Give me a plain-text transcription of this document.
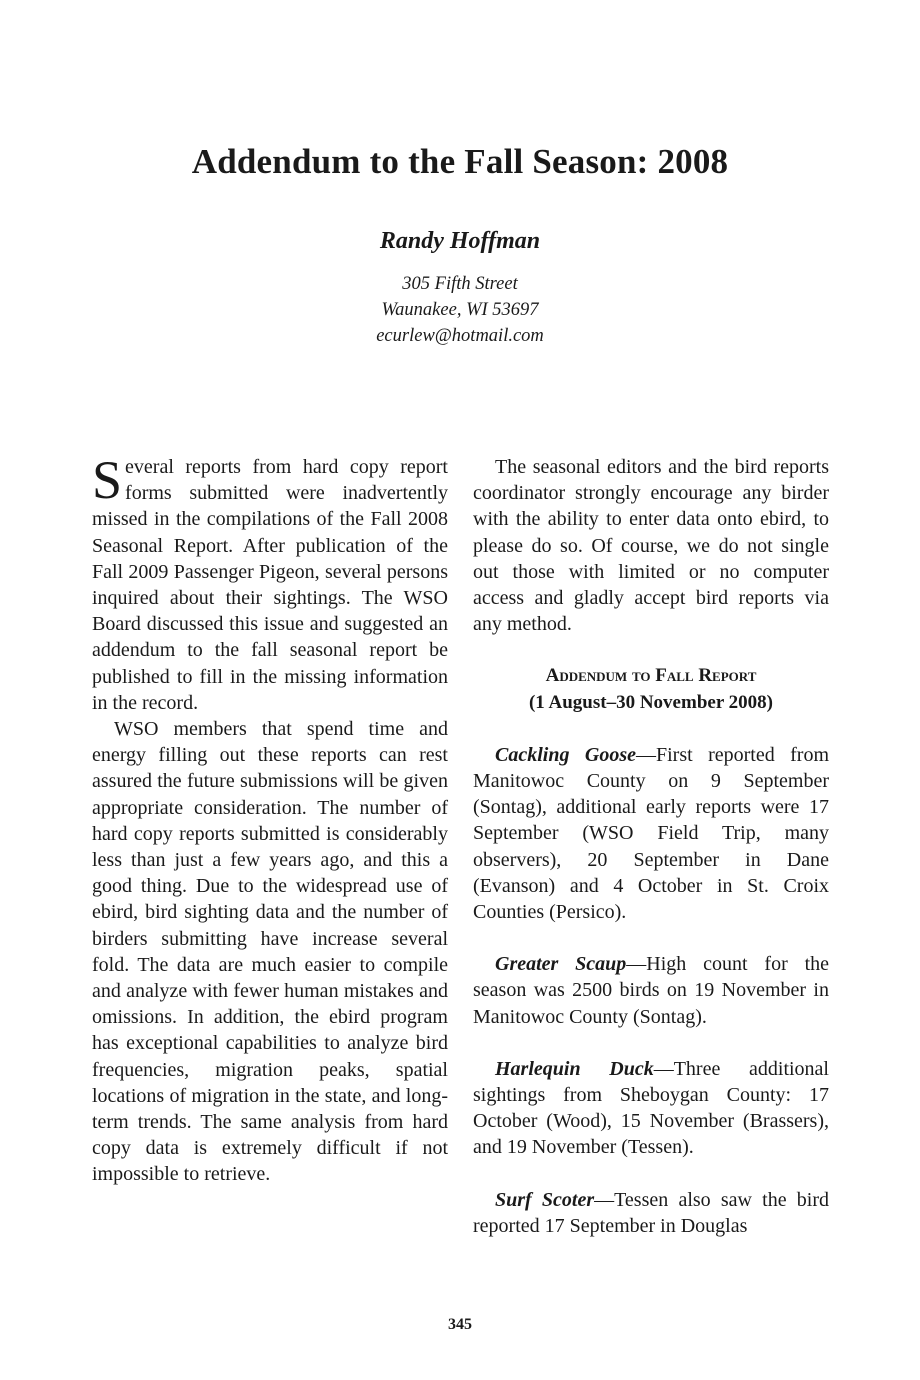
Addendum to the Fall Season: 2008
Randy Hoffman
305 Fifth Street
Waunakee, WI 53697
ecurlew@hotmail.com

Several reports from hard copy report forms submitted were inadvertently missed in the compilations of the Fall 2008 Seasonal Report. After publication of the Fall 2009 Passenger Pigeon, several persons inquired about their sightings. The WSO Board discussed this issue and suggested an addendum to the fall seasonal report be published to fill in the missing information in the record.

WSO members that spend time and energy filling out these reports can rest assured the future submissions will be given appropriate consideration. The number of hard copy reports submitted is considerably less than just a few years ago, and this a good thing. Due to the widespread use of ebird, bird sighting data and the number of birders submitting have increase several fold. The data are much easier to compile and analyze with fewer human mistakes and omissions. In addition, the ebird program has exceptional capabilities to analyze bird frequencies, migration peaks, spatial locations of migration in the state, and long-term trends. The same analysis from hard copy data is extremely difficult if not impossible to retrieve.

The seasonal editors and the bird reports coordinator strongly encourage any birder with the ability to enter data onto ebird, to please do so. Of course, we do not single out those with limited or no computer access and gladly accept bird reports via any method.

Addendum to Fall Report
(1 August–30 November 2008)

Cackling Goose—First reported from Manitowoc County on 9 September (Sontag), additional early reports were 17 September (WSO Field Trip, many observers), 20 September in Dane (Evanson) and 4 October in St. Croix Counties (Persico).

Greater Scaup—High count for the season was 2500 birds on 19 November in Manitowoc County (Sontag).

Harlequin Duck—Three additional sightings from Sheboygan County: 17 October (Wood), 15 November (Brassers), and 19 November (Tessen).

Surf Scoter—Tessen also saw the bird reported 17 September in Douglas

345
